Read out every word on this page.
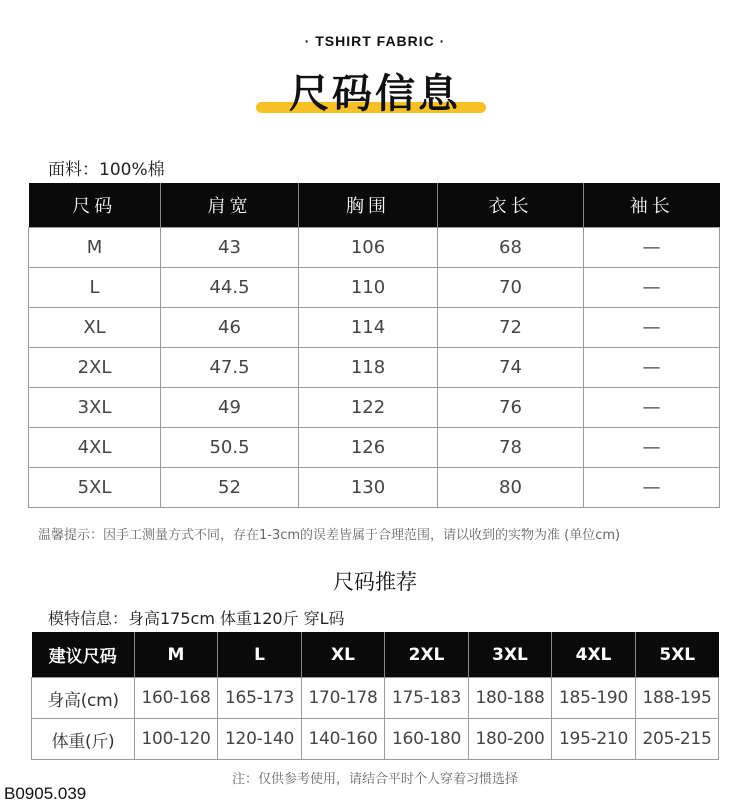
· TSHIRT FABRIC ·
尺码信息
面料：100%棉
尺码	肩宽	胸围	衣长	袖长
M	43	106	68	—
L	44.5	110	70	—
XL	46	114	72	—
2XL	47.5	118	74	—
3XL	49	122	76	—
4XL	50.5	126	78	—
5XL	52	130	80	—
温馨提示：因手工测量方式不同，存在1-3cm的误差皆属于合理范围，请以收到的实物为准 (单位cm)
尺码推荐
模特信息：身高175cm 体重120斤 穿L码
建议尺码	M	L	XL	2XL	3XL	4XL	5XL
身高(cm)	160-168	165-173	170-178	175-183	180-188	185-190	188-195
体重(斤)	100-120	120-140	140-160	160-180	180-200	195-210	205-215
注：仅供参考使用，请结合平时个人穿着习惯选择
B0905.039
